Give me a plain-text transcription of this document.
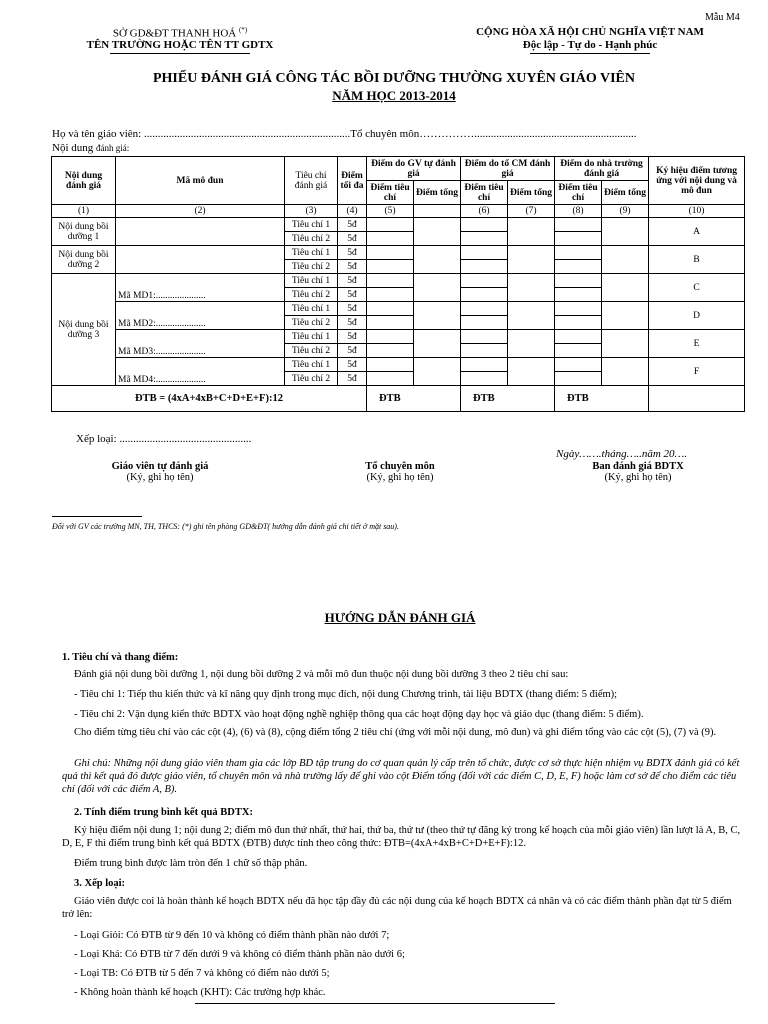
Mẫu M4
SỞ GD&ĐT THANH HOÁ (*)
TÊN TRƯỜNG HOẶC TÊN TT GDTX
CỘNG HÒA XÃ HỘI CHỦ NGHĨA VIỆT NAM
Độc lập - Tự do - Hạnh phúc
PHIẾU ĐÁNH GIÁ CÔNG TÁC BỒI DƯỠNG THƯỜNG XUYÊN GIÁO VIÊN
NĂM HỌC 2013-2014
Họ và tên giáo viên: ...........................................................................Tổ chuyên môn……………...........................................................
Nội dung đánh giá:
Nội dung đánh giá	Mã mô đun	Tiêu chí đánh giá	Điểm tối đa	Điểm do GV tự đánh giá		Điểm do tổ CM đánh giá		Điểm do nhà trường đánh giá		Ký hiệu điểm tương ứng với nội dung và mô đun
				Điểm tiêu chí	Điểm tổng	Điểm tiêu chí	Điểm tổng	Điểm tiêu chí	Điểm tổng	
(1)	(2)	(3)	(4)	(5)		(6)	(7)	(8)	(9)	(10)
Nội dung bồi dưỡng 1		Tiêu chí 1	5đ							A
		Tiêu chí 2	5đ							
Nội dung bồi dưỡng 2		Tiêu chí 1	5đ							B
		Tiêu chí 2	5đ							
Nội dung bồi dưỡng 3	Mã MD1:.....................	Tiêu chí 1	5đ							C
		Tiêu chí 2	5đ							
	Mã MD2:.....................	Tiêu chí 1	5đ							D
		Tiêu chí 2	5đ							
	Mã MD3:.....................	Tiêu chí 1	5đ							E
		Tiêu chí 2	5đ							
	Mã MD4:.....................	Tiêu chí 1	5đ							F
		Tiêu chí 2	5đ							
ĐTB = (4xA+4xB+C+D+E+F):12				ĐTB		ĐTB		ĐTB		
Xếp loại: ................................................
Ngày…….tháng…..năm 20….
Giáo viên tự đánh giá
(Ký, ghi họ tên)
Tổ chuyên môn
(Ký, ghi họ tên)
Ban đánh giá BDTX
(Ký, ghi họ tên)
Đối với GV các trường MN, TH, THCS: (*) ghi tên phòng GD&ĐT( hướng dẫn đánh giá chi tiết ở mặt sau).
HƯỚNG DẪN ĐÁNH GIÁ
1. Tiêu chí và thang điểm:
Đánh giá nội dung bồi dưỡng 1, nội dung bồi dưỡng 2 và mỗi mô đun thuộc nội dung bồi dưỡng 3 theo 2 tiêu chí sau:
- Tiêu chí 1: Tiếp thu kiến thức và kĩ năng quy định trong mục đích, nội dung Chương trình, tài liệu BDTX (thang điểm: 5 điểm);
- Tiêu chí 2: Vận dụng kiến thức BDTX vào hoạt động nghề nghiệp thông qua các hoạt động dạy học và giáo dục (thang điểm: 5 điểm).
Cho điểm từng tiêu chí vào các cột (4), (6) và (8), cộng điểm tổng 2 tiêu chí (ứng với mỗi nội dung, mô đun) và ghi điểm tổng vào các cột (5), (7) và (9).
Ghi chú: Những nội dung giáo viên tham gia các lớp BD tập trung do cơ quan quản lý cấp trên tổ chức, được cơ sở thực hiện nhiệm vụ BDTX đánh giá có kết quả thì kết quả đó được giáo viên, tổ chuyên môn và nhà trường lấy để ghi vào cột Điểm tổng (đối với các điểm C, D, E, F) hoặc làm cơ sở để cho điểm các tiêu chí (đối với các điểm A, B).
2. Tính điểm trung bình kết quả BDTX:
Ký hiệu điểm nội dung 1; nội dung 2; điểm mô đun thứ nhất, thứ hai, thứ ba, thứ tư (theo thứ tự đăng ký trong kế hoạch của mỗi giáo viên) lần lượt là A, B, C, D, E, F thì điểm trung bình kết quả BDTX (ĐTB) được tính theo công thức: ĐTB=(4xA+4xB+C+D+E+F):12.
Điểm trung bình được làm tròn đến 1 chữ số thập phân.
3. Xếp loại:
Giáo viên được coi là hoàn thành kế hoạch BDTX nếu đã học tập đầy đủ các nội dung của kế hoạch BDTX cá nhân và có các điểm thành phần đạt từ 5 điểm trở lên:
- Loại Giỏi: Có ĐTB từ 9 đến 10 và không có điểm thành phần nào dưới 7;
- Loại Khá: Có ĐTB từ 7 đến dưới 9 và không có điểm thành phần nào dưới 6;
- Loại TB: Có ĐTB từ 5 đến 7 và không có điểm nào dưới 5;
- Không hoàn thành kế hoạch (KHT): Các trường hợp khác.
